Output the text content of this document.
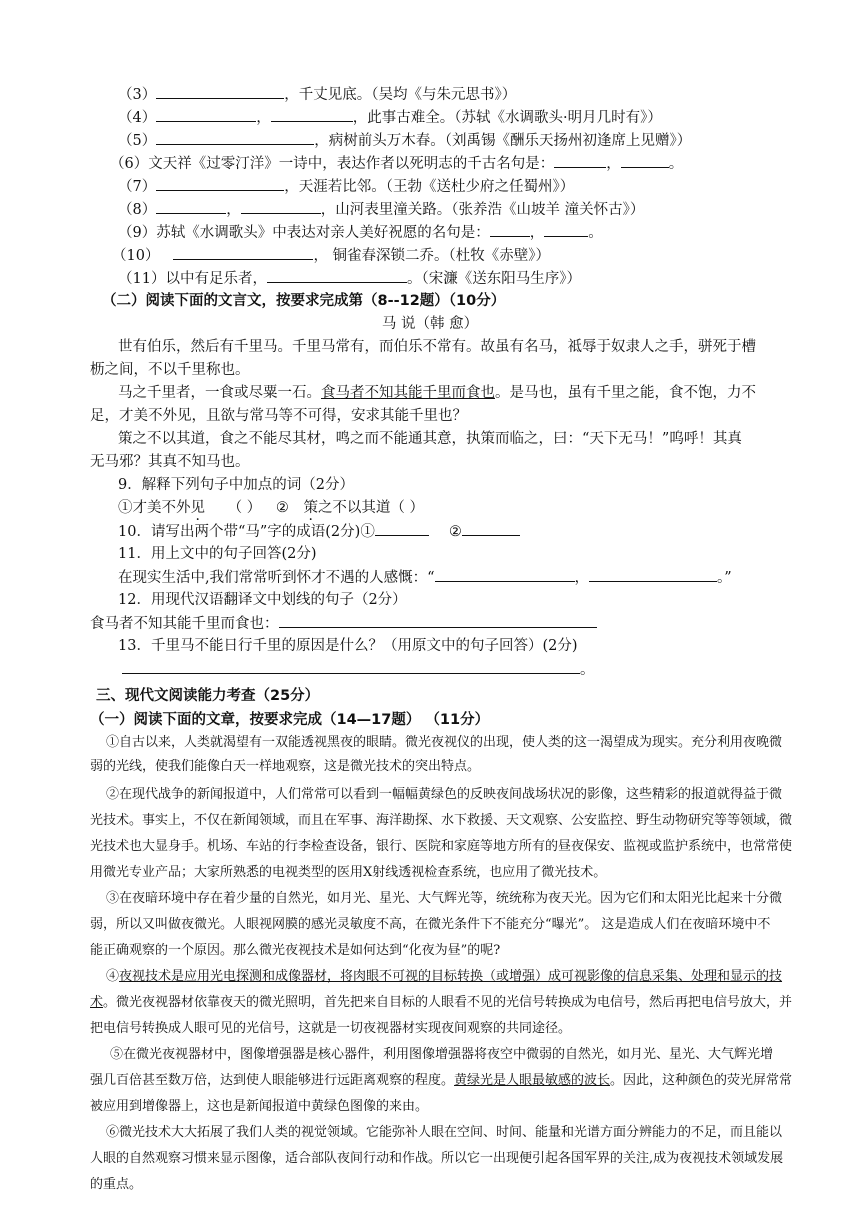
（3）	，千丈见底。（吴均《与朱元思书》）
（4）	，	，此事古难全。（苏轼《水调歌头·明月几时有》）
（5）	，病树前头万木春。（刘禹锡《酬乐天扬州初逢席上见赠》）
（6）文天祥《过零汀洋》一诗中，表达作者以死明志的千古名句是：	，	。
（7）	，天涯若比邻。（王勃《送杜少府之任蜀州》）
（8）	，	，山河表里潼关路。（张养浩《山坡羊 潼关怀古》）
（9）苏轼《水调歌头》中表达对亲人美好祝愿的名句是：	，	。
（10）	， 铜雀春深锁二乔。（杜牧《赤壁》）
（11）以中有足乐者，	。（宋濂《送东阳马生序》）
（二）阅读下面的文言文，按要求完成第（8--12题）（10分）
马 说（韩 愈）
世有伯乐，然后有千里马。千里马常有，而伯乐不常有。故虽有名马，祗辱于奴隶人之手，骈死于槽
枥之间，不以千里称也。
马之千里者，一食或尽粟一石。食马者不知其能千里而食也。是马也，虽有千里之能，食不饱，力不
足，才美不外见，且欲与常马等不可得，安求其能千里也？
策之不以其道，食之不能尽其材，鸣之而不能通其意，执策而临之，曰：“天下无马！”呜呼！其真
无马邪？其真不知马也。
9．解释下列句子中加点的词（2分）
①才美不外见 （ ） ② 策之不以其道（ ）
10．请写出两个带“马”字的成语(2分)①	②
11．用上文中的句子回答(2分)
在现实生活中,我们常常听到怀才不遇的人感慨：“	，	。”
12．用现代汉语翻译文中划线的句子（2分）
食马者不知其能千里而食也：
13．千里马不能日行千里的原因是什么？（用原文中的句子回答）(2分)
。
三、现代文阅读能力考查（25分）
（一）阅读下面的文章，按要求完成（14—17题） （11分）
①自古以来，人类就渴望有一双能透视黑夜的眼睛。微光夜视仪的出现，使人类的这一渴望成为现实。充分利用夜晚微
弱的光线，使我们能像白天一样地观察，这是微光技术的突出特点。
②在现代战争的新闻报道中，人们常常可以看到一幅幅黄绿色的反映夜间战场状况的影像，这些精彩的报道就得益于微
光技术。事实上，不仅在新闻领域，而且在军事、海洋勘探、水下救援、天文观察、公安监控、野生动物研究等等领域，微
光技术也大显身手。机场、车站的行李检查设备，银行、医院和家庭等地方所有的昼夜保安、监视或监护系统中，也常常使
用微光专业产品；大家所熟悉的电视类型的医用X射线透视检查系统，也应用了微光技术。
③在夜暗环境中存在着少量的自然光，如月光、星光、大气辉光等，统统称为夜天光。因为它们和太阳光比起来十分微
弱，所以又叫做夜微光。人眼视网膜的感光灵敏度不高，在微光条件下不能充分“曝光”。 这是造成人们在夜暗环境中不
能正确观察的一个原因。那么微光夜视技术是如何达到“化夜为昼”的呢?
④夜视技术是应用光电探测和成像器材，将肉眼不可视的目标转换（或增强）成可视影像的信息采集、处理和显示的技
术。微光夜视器材依靠夜天的微光照明，首先把来自目标的人眼看不见的光信号转换成为电信号，然后再把电信号放大，并
把电信号转换成人眼可见的光信号，这就是一切夜视器材实现夜间观察的共同途径。
⑤在微光夜视器材中，图像增强器是核心器件，利用图像增强器将夜空中微弱的自然光，如月光、星光、大气辉光增
强几百倍甚至数万倍，达到使人眼能够进行远距离观察的程度。黄绿光是人眼最敏感的波长。因此，这种颜色的荧光屏常常
被应用到增像器上，这也是新闻报道中黄绿色图像的来由。
⑥微光技术大大拓展了我们人类的视觉领域。它能弥补人眼在空间、时间、能量和光谱方面分辨能力的不足，而且能以
人眼的自然观察习惯来显示图像，适合部队夜间行动和作战。所以它一出现便引起各国军界的关注,成为夜视技术领域发展
的重点。
